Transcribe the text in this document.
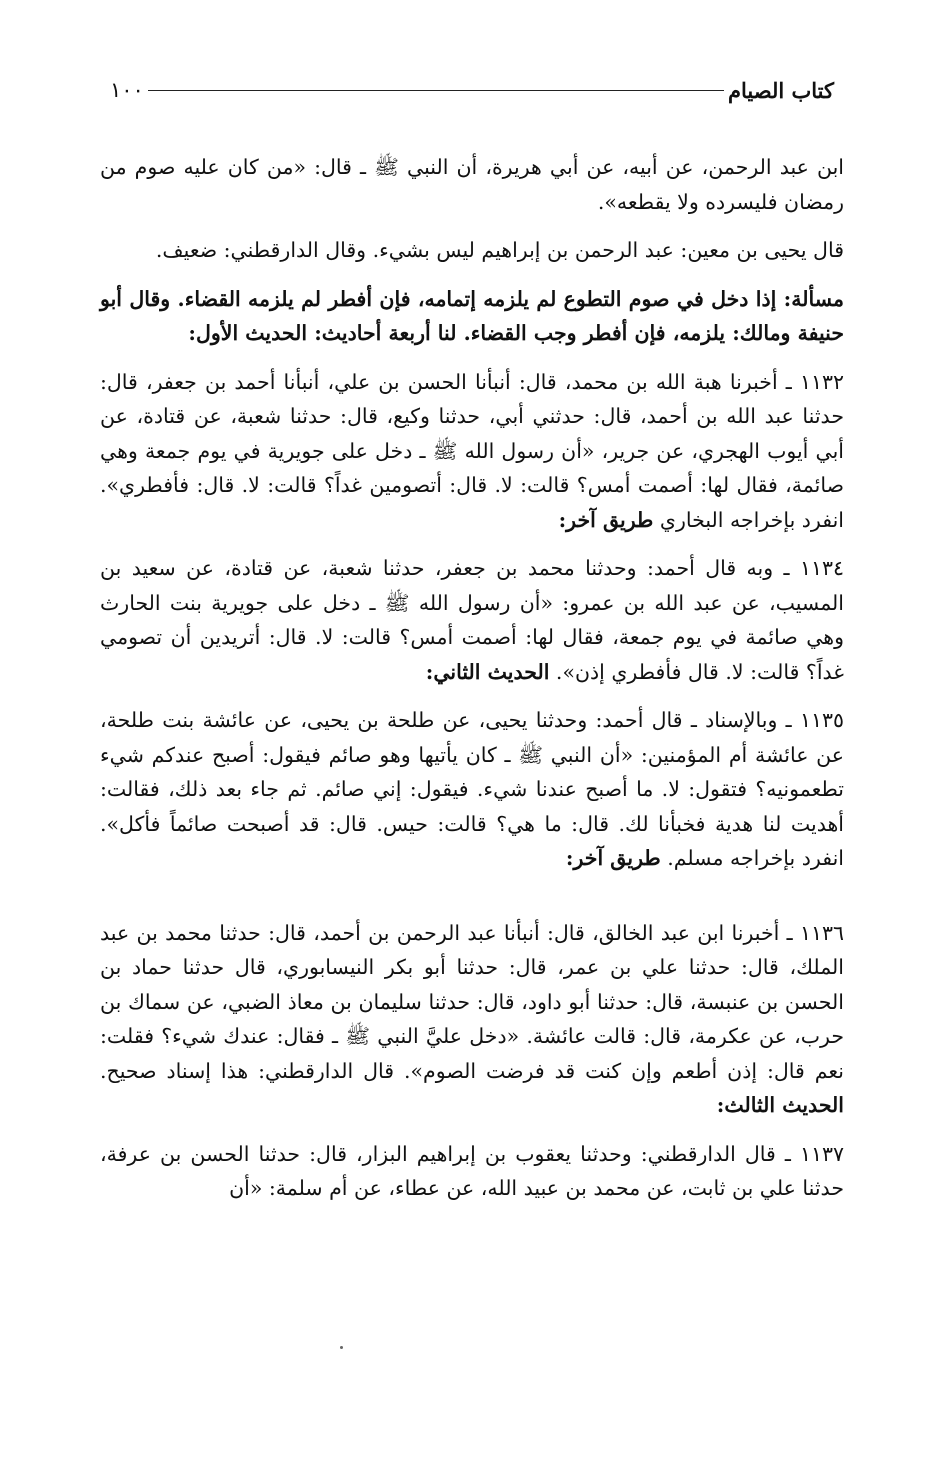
كتاب الصيام
١٠٠

ابن عبد الرحمن، عن أبيه، عن أبي هريرة، أن النبي ﷺ ـ قال: «من كان عليه صوم من رمضان فليسرده ولا يقطعه».

قال يحيى بن معين: عبد الرحمن بن إبراهيم ليس بشيء. وقال الدارقطني: ضعيف.

مسألة: إذا دخل في صوم التطوع لم يلزمه إتمامه، فإن أفطر لم يلزمه القضاء. وقال أبو حنيفة ومالك: يلزمه، فإن أفطر وجب القضاء. لنا أربعة أحاديث: الحديث الأول:

١١٣٢ ـ أخبرنا هبة الله بن محمد، قال: أنبأنا الحسن بن علي، أنبأنا أحمد بن جعفر، قال: حدثنا عبد الله بن أحمد، قال: حدثني أبي، حدثنا وكيع، قال: حدثنا شعبة، عن قتادة، عن أبي أيوب الهجري، عن جرير، «أن رسول الله ﷺ ـ دخل على جويرية في يوم جمعة وهي صائمة، فقال لها: أصمت أمس؟ قالت: لا. قال: أتصومين غداً؟ قالت: لا. قال: فأفطري». انفرد بإخراجه البخاري طريق آخر:

١١٣٤ ـ وبه قال أحمد: وحدثنا محمد بن جعفر، حدثنا شعبة، عن قتادة، عن سعيد بن المسيب، عن عبد الله بن عمرو: «أن رسول الله ﷺ ـ دخل على جويرية بنت الحارث وهي صائمة في يوم جمعة، فقال لها: أصمت أمس؟ قالت: لا. قال: أتريدين أن تصومي غداً؟ قالت: لا. قال فأفطري إذن». الحديث الثاني:

١١٣٥ ـ وبالإسناد ـ قال أحمد: وحدثنا يحيى، عن طلحة بن يحيى، عن عائشة بنت طلحة، عن عائشة أم المؤمنين: «أن النبي ﷺ ـ كان يأتيها وهو صائم فيقول: أصبح عندكم شيء تطعمونيه؟ فتقول: لا. ما أصبح عندنا شيء. فيقول: إني صائم. ثم جاء بعد ذلك، فقالت: أهديت لنا هدية فخبأنا لك. قال: ما هي؟ قالت: حيس. قال: قد أصبحت صائماً فأكل». انفرد بإخراجه مسلم. طريق آخر:

١١٣٦ ـ أخبرنا ابن عبد الخالق، قال: أنبأنا عبد الرحمن بن أحمد، قال: حدثنا محمد بن عبد الملك، قال: حدثنا علي بن عمر، قال: حدثنا أبو بكر النيسابوري، قال حدثنا حماد بن الحسن بن عنبسة، قال: حدثنا أبو داود، قال: حدثنا سليمان بن معاذ الضبي، عن سماك بن حرب، عن عكرمة، قال: قالت عائشة. «دخل عليَّ النبي ﷺ ـ فقال: عندك شيء؟ فقلت: نعم قال: إذن أطعم وإن كنت قد فرضت الصوم». قال الدارقطني: هذا إسناد صحيح. الحديث الثالث:

١١٣٧ ـ قال الدارقطني: وحدثنا يعقوب بن إبراهيم البزار، قال: حدثنا الحسن بن عرفة، حدثنا علي بن ثابت، عن محمد بن عبيد الله، عن عطاء، عن أم سلمة: «أن
